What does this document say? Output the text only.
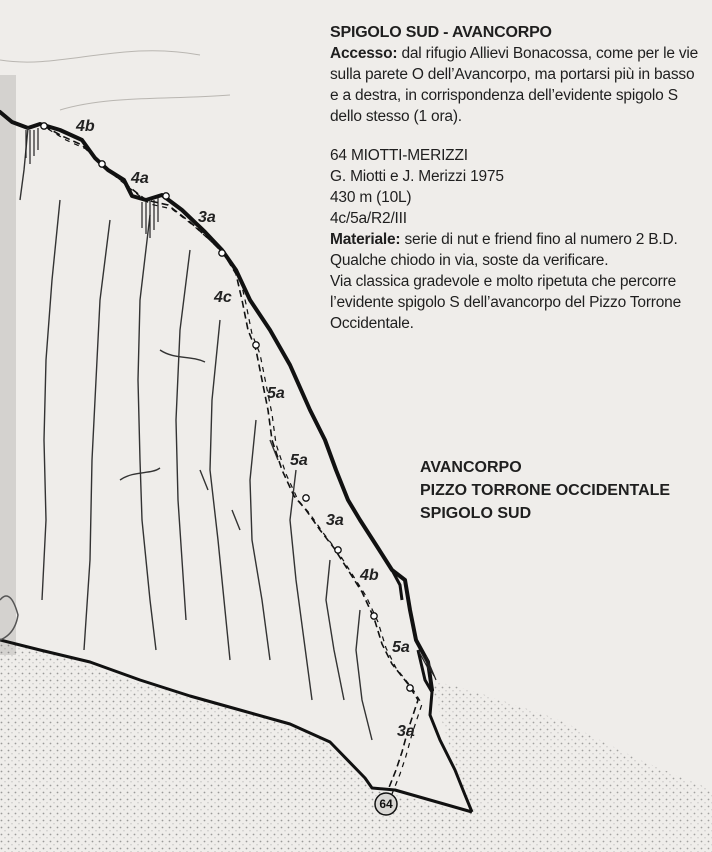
4b
4a
3a
4c
5a
5a
3a
4b
5a
3a
64
SPIGOLO SUD - AVANCORPO
Accesso: dal rifugio Allievi Bonacossa, come per le vie sulla parete O dell’Avancorpo, ma portarsi più in basso e a destra, in corrispondenza dell’evidente spigolo S dello stesso (1 ora).
64 MIOTTI-MERIZZI
G. Miotti e J. Merizzi 1975
430 m (10L)
4c/5a/R2/III
Materiale: serie di nut e friend fino al numero 2 B.D. Qualche chiodo in via, soste da verificare.
Via classica gradevole e molto ripetuta che percorre l’evidente spigolo S dell’avancorpo del Pizzo Torrone Occidentale.
AVANCORPO
PIZZO TORRONE OCCIDENTALE
SPIGOLO SUD
